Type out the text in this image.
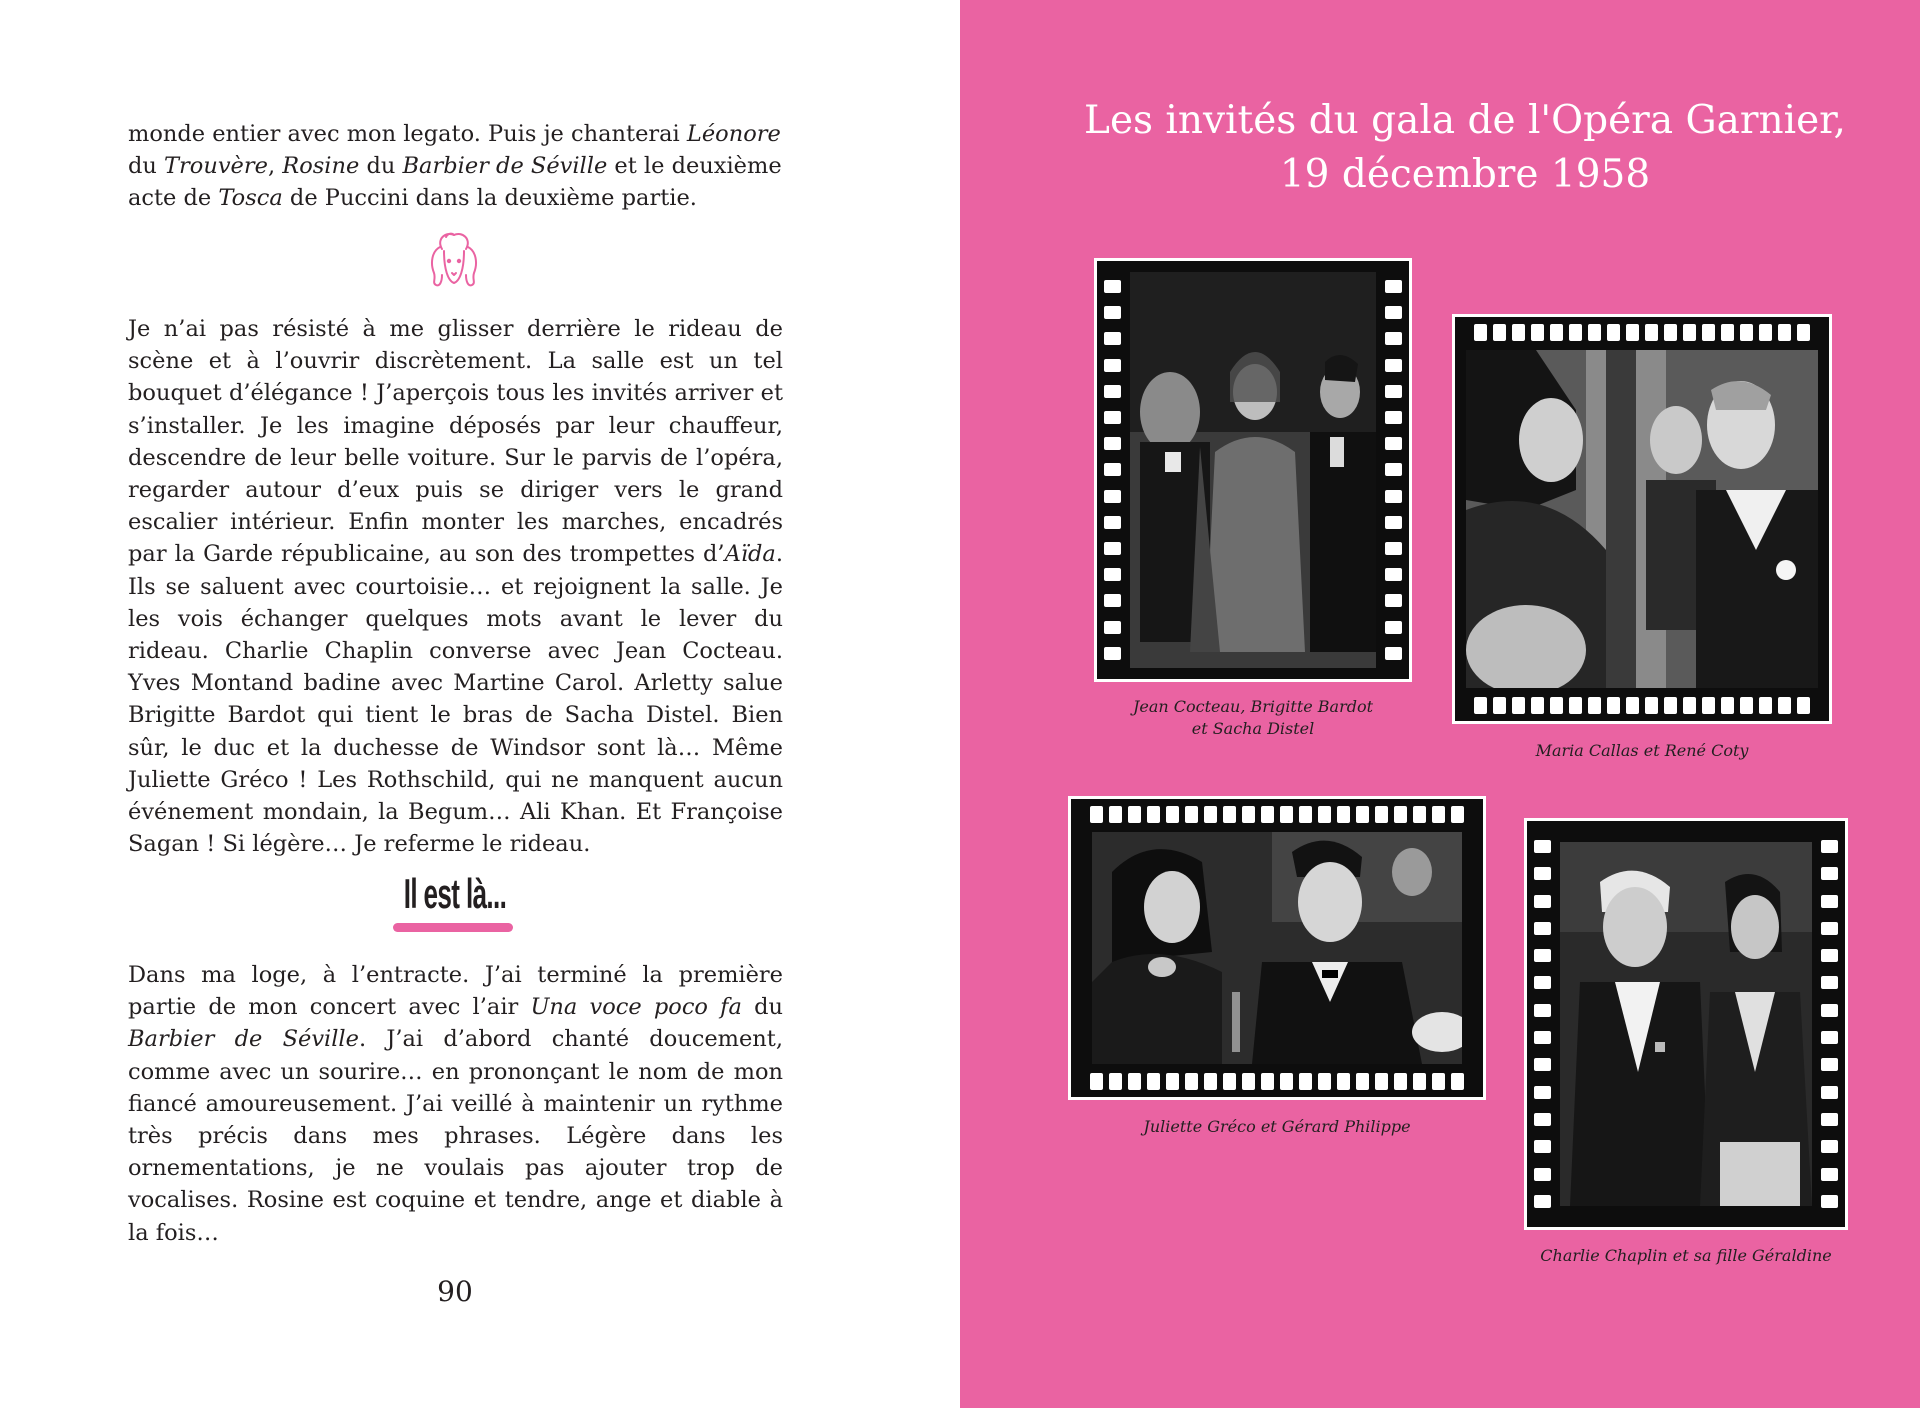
monde entier avec mon legato. Puis je chanterai Léonore du Trouvère, Rosine du Barbier de Séville et le deuxième acte de Tosca de Puccini dans la deuxième partie.
Je n’ai pas résisté à me glisser derrière le rideau de scène et à l’ouvrir discrètement. La salle est un tel bouquet d’élégance ! J’aperçois tous les invités arriver et s’installer. Je les imagine déposés par leur chauffeur, descendre de leur belle voiture. Sur le parvis de l’opéra, regarder autour d’eux puis se diriger vers le grand escalier intérieur. Enfin monter les marches, encadrés par la Garde républicaine, au son des trompettes d’Aïda. Ils se saluent avec courtoisie… et rejoignent la salle. Je les vois échanger quelques mots avant le lever du rideau. Charlie Chaplin converse avec Jean Cocteau. Yves Montand badine avec Martine Carol. Arletty salue Brigitte Bardot qui tient le bras de Sacha Distel. Bien sûr, le duc et la duchesse de Windsor sont là… Même Juliette Gréco ! Les Rothschild, qui ne manquent aucun événement mondain, la Begum… Ali Khan. Et Françoise Sagan ! Si légère… Je referme le rideau.
Il est là...
Dans ma loge, à l’entracte. J’ai terminé la première partie de mon concert avec l’air Una voce poco fa du Barbier de Séville. J’ai d’abord chanté doucement, comme avec un sourire… en prononçant le nom de mon fiancé amoureusement. J’ai veillé à maintenir un rythme très précis dans mes phrases. Légère dans les ornementations, je ne voulais pas ajouter trop de vocalises. Rosine est coquine et tendre, ange et diable à la fois…
90
Les invités du gala de l'Opéra Garnier,
19 décembre 1958
Jean Cocteau, Brigitte Bardot
et Sacha Distel
Maria Callas et René Coty
Juliette Gréco et Gérard Philippe
Charlie Chaplin et sa fille Géraldine
